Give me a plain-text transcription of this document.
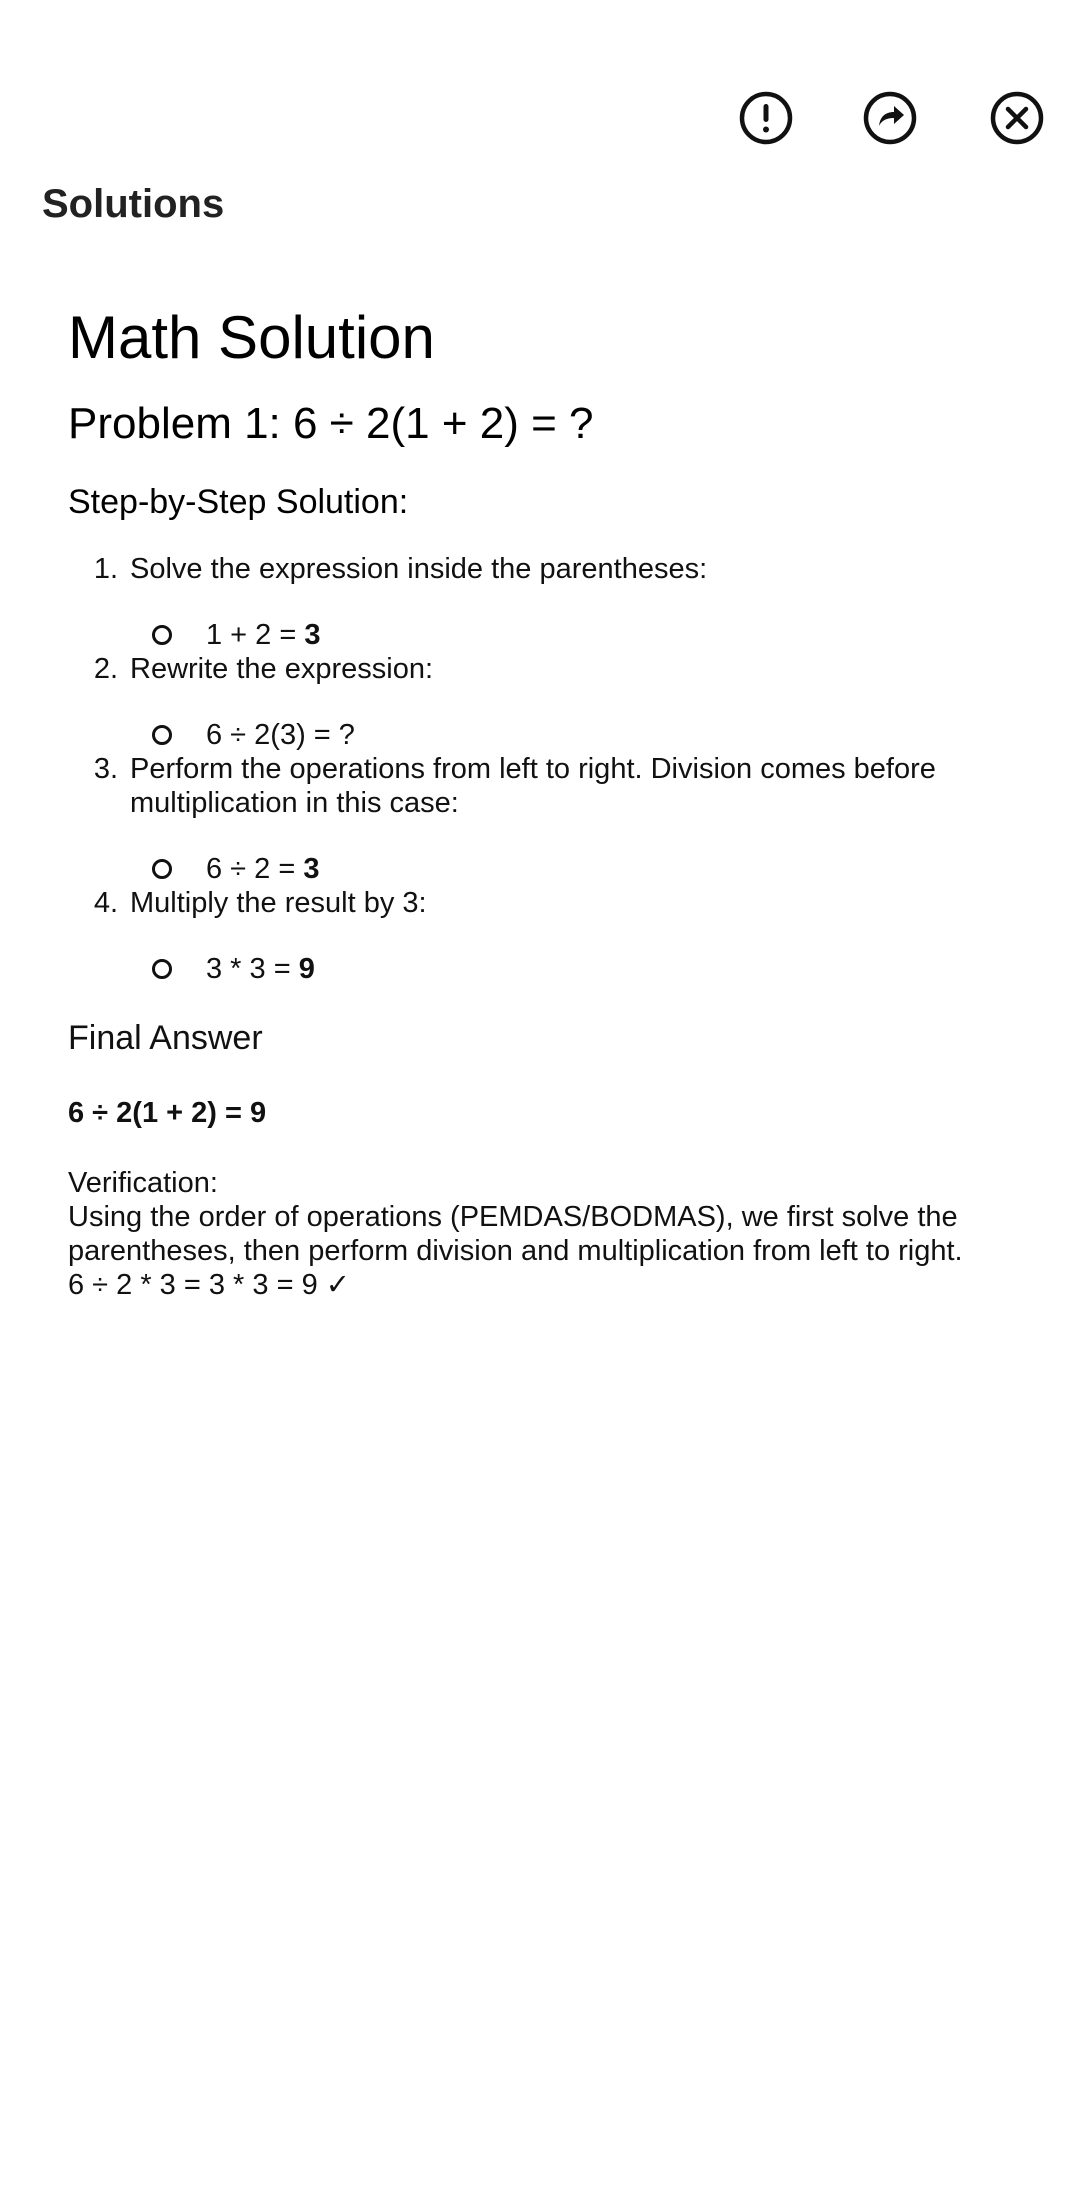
Solutions
Math Solution
Problem 1: 6 ÷ 2(1 + 2) = ?
Step-by-Step Solution:
1. Solve the expression inside the parentheses:
1 + 2 = 3
2. Rewrite the expression:
6 ÷ 2(3) = ?
3. Perform the operations from left to right. Division comes before multiplication in this case:
6 ÷ 2 = 3
4. Multiply the result by 3:
3 * 3 = 9
Final Answer
6 ÷ 2(1 + 2) = 9

Verification:

Using the order of operations (PEMDAS/BODMAS), we first solve the parentheses, then perform division and multiplication from left to right.

6 ÷ 2 * 3 = 3 * 3 = 9 ✓
